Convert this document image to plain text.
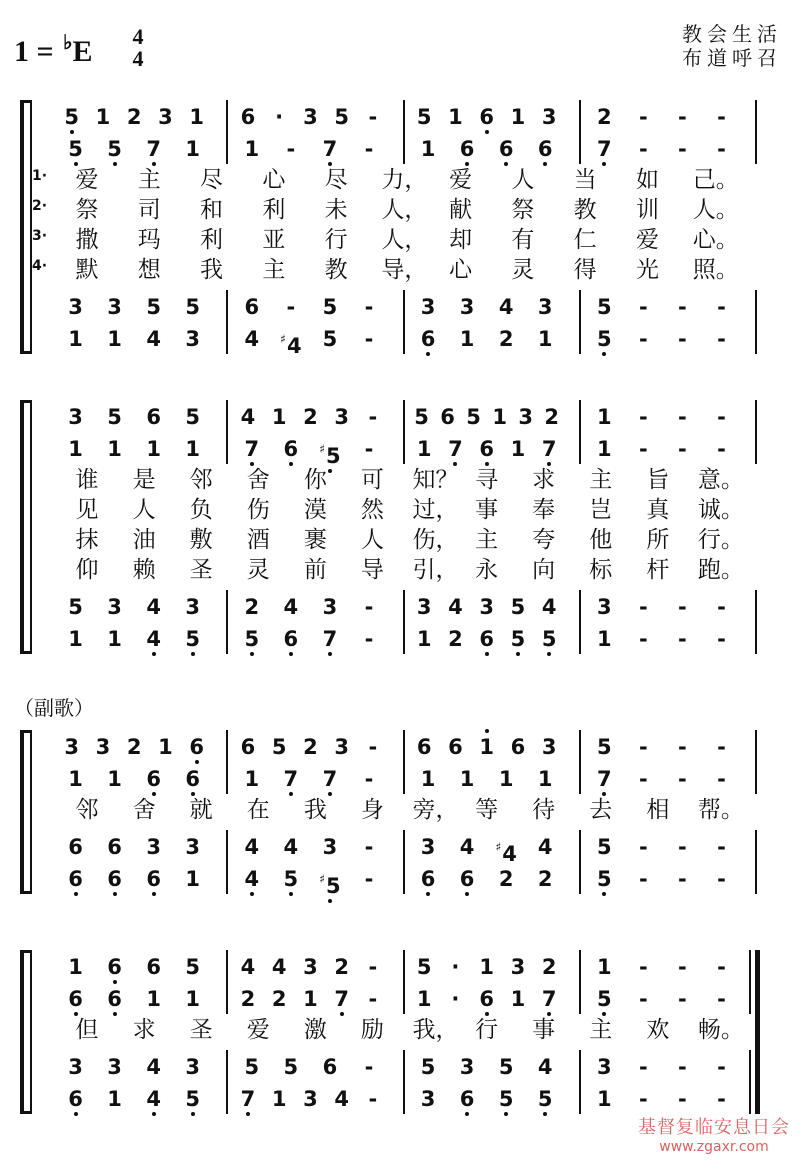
1 = ♭E 4
4
教会生活
布道呼召
（副歌）
5 1 2 3 1	6 · 3 5 -	5 1 6 1 3	2	-	-	-
5	5	7	1	1	-	7	-	1	6	6	6	7	-	-	-
1· 爱 主 尽 心 尽 力， 爱 人 当 如 己。
2· 祭 司 和 利 未 人， 献 祭 教 训 人。
3· 撒 玛 利 亚 行 人， 却 有 仁 爱 心。
4· 默 想 我 主 教 导， 心 灵 得 光 照。
3	3	5	5	6	-	5	-	3	3	4	3	5	-	-	-
1	1	4	3	4	♯4	5	-	6	1	2	1	5	-	-	-
3	5	6	5	4 1 2 3 -	5 6 5 1 3 2	1	-	-	-
1	1	1	1	7	6	♯5	-	1 7 6 1 7	1	-	-	-
谁 是 邻 舍 你 可 知？ 寻 求 主 旨 意。
见 人 负 伤 漠 然 过， 事 奉 岂 真 诚。
抹 油 敷 酒 裹 人 伤， 主 夸 他 所 行。
仰 赖 圣 灵 前 导 引， 永 向 标 杆 跑。
5	3	4	3	2	4	3	-	3 4 3 5 4	3	-	-	-
1	1	4	5	5	6	7	-	1 2 6 5 5	1	-	-	-
3 3 2 1 6	6 5 2 3 -	6 6 1 6 3	5	-	-	-
1	1	6	6	1	7	7	-	1	1	1	1	7	-	-	-
邻 舍 就 在 我 身 旁， 等 待 去 相 帮。
6	6	3	3	4	4	3	-	3	4	♯4	4	5	-	-	-
6	6	6	1	4	5	♯5	-	6	6	2	2	5	-	-	-
1	6	6	5	4 4 3 2 -	5 · 1 3 2	1	-	-	-
6	6	1	1	2 2 1 7 -	1 · 6 1 7	5	-	-	-
但 求 圣 爱 激 励 我， 行 事 主 欢 畅。
3	3	4	3	5	5	6	-	5	3	5	4	3	-	-	-
6	1	4	5	7 1 3 4 -	3	6	5	5	1	-	-	-
基督复临安息日会
www.zgaxr.com
